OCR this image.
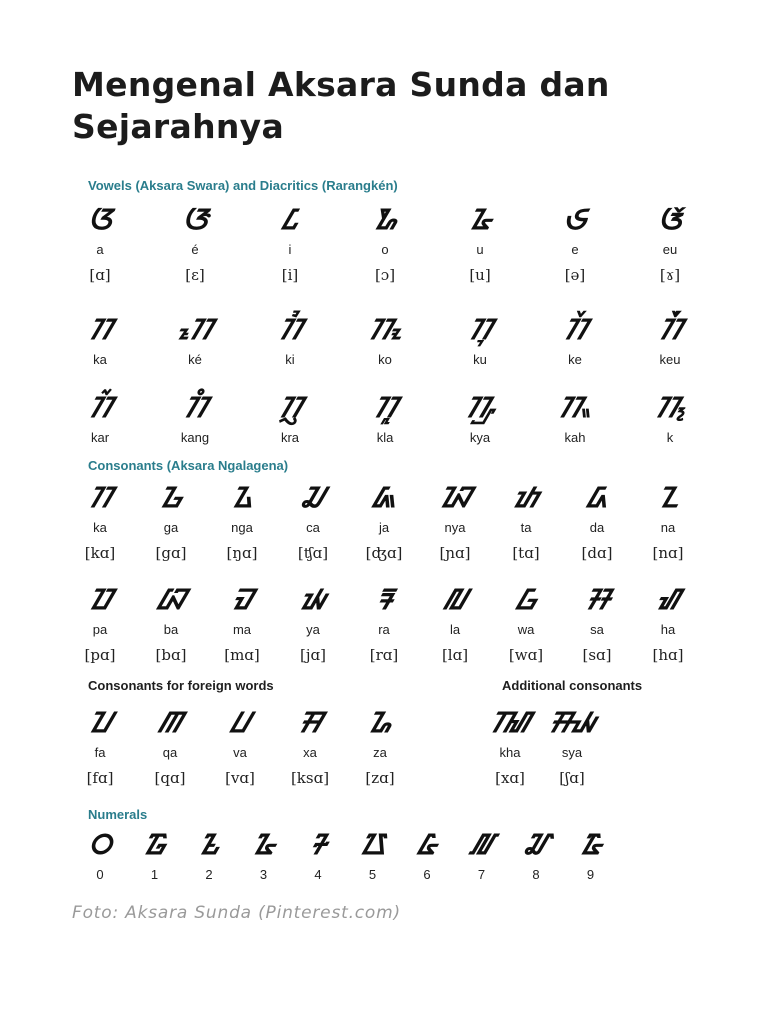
Mengenal Aksara Sunda dan Sejarahnya
Vowels (Aksara Swara) and Diacritics (Rarangkén)
ᮃ
a
[ɑ]
ᮆ
é
[ɛ]
ᮄ
i
[i]
ᮇ
o
[ɔ]
ᮅ
u
[u]
ᮈ
e
[ə]
ᮉ
eu
[ɤ]
ᮊ
ka
ᮊᮦ
ké
ᮊᮤ
ki
ᮊᮧ
ko
ᮊᮥ
ku
ᮊᮨ
ke
ᮊᮩ
keu
ᮊᮁ
kar
ᮊᮀ
kang
ᮊᮢ
kra
ᮊᮣ
kla
ᮊᮡ
kya
ᮊᮂ
kah
ᮊ᮪
k
Consonants (Aksara Ngalagena)
ᮊ
ka
[kɑ]
ᮌ
ga
[gɑ]
ᮍ
nga
[ŋɑ]
ᮎ
ca
[ʧɑ]
ᮏ
ja
[ʤɑ]
ᮑ
nya
[ɲɑ]
ᮒ
ta
[tɑ]
ᮓ
da
[dɑ]
ᮔ
na
[nɑ]
ᮕ
pa
[pɑ]
ᮘ
ba
[bɑ]
ᮙ
ma
[mɑ]
ᮚ
ya
[jɑ]
ᮛ
ra
[rɑ]
ᮜ
la
[lɑ]
ᮝ
wa
[wɑ]
ᮞ
sa
[sɑ]
ᮠ
ha
[hɑ]
Consonants for foreign words
ᮖ
fa
[fɑ]
ᮋ
qa
[qɑ]
ᮗ
va
[vɑ]
ᮟ
xa
[ksɑ]
ᮐ
za
[zɑ]
Additional consonants
ᮮ
kha
[xɑ]
ᮯ
sya
[ʃɑ]
Numerals
᮰
0
᮱
1
᮲
2
᮳
3
᮴
4
᮵
5
᮶
6
᮷
7
᮸
8
᮹
9
Foto: Aksara Sunda (Pinterest.com)
